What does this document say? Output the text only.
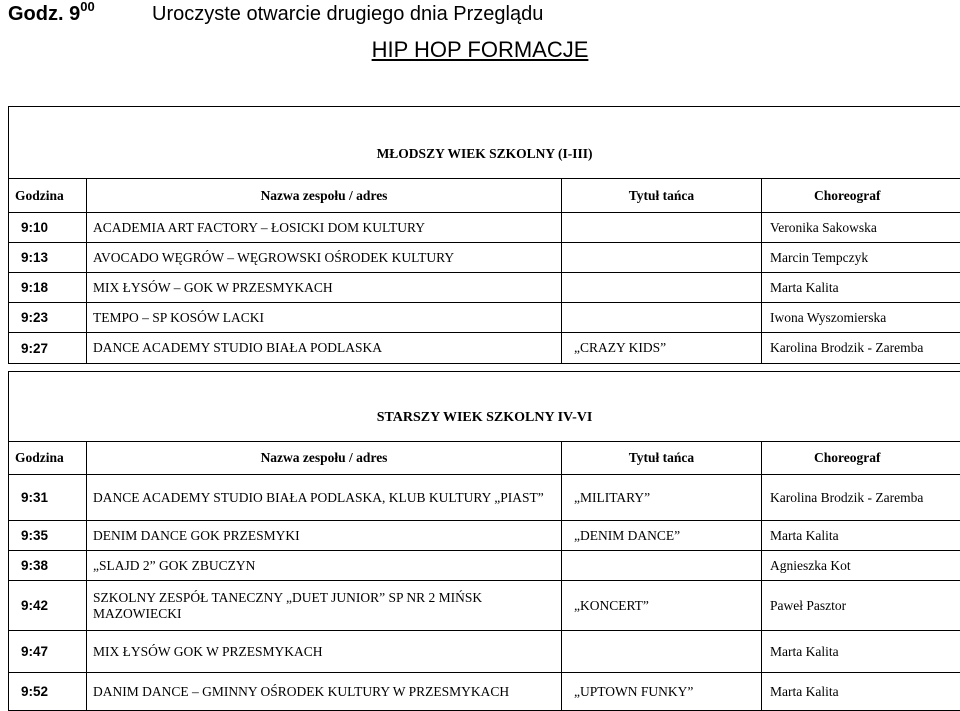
Godz. $9^{00}$	Uroczyste otwarcie drugiego dnia Przeglądu
HIP HOP FORMACJE
MŁODSZY WIEK SZKOLNY (I-III)			
Godzina	Nazwa zespołu / adres	Tytuł tańca	Choreograf
9:10	ACADEMIA ART FACTORY – ŁOSICKI DOM KULTURY		Veronika Sakowska
9:13	AVOCADO WĘGRÓW – WĘGROWSKI OŚRODEK KULTURY		Marcin Tempczyk
9:18	MIX ŁYSÓW – GOK W PRZESMYKACH		Marta Kalita
9:23	TEMPO – SP KOSÓW LACKI		Iwona Wyszomierska
9:27	DANCE ACADEMY STUDIO BIAŁA PODLASKA	„CRAZY KIDS”	Karolina Brodzik - Zaremba
STARSZY WIEK SZKOLNY IV-VI			
Godzina	Nazwa zespołu / adres	Tytuł tańca	Choreograf
9:31	DANCE ACADEMY STUDIO BIAŁA PODLASKA, KLUB KULTURY „PIAST”	„MILITARY”	Karolina Brodzik - Zaremba
9:35	DENIM DANCE GOK PRZESMYKI	„DENIM DANCE”	Marta Kalita
9:38	„SLAJD 2” GOK ZBUCZYN		Agnieszka Kot
9:42	SZKOLNY ZESPÓŁ TANECZNY „DUET JUNIOR” SP NR 2 MIŃSK MAZOWIECKI	„KONCERT”	Paweł Pasztor
9:47	MIX ŁYSÓW GOK W PRZESMYKACH		Marta Kalita
9:52	DANIM DANCE – GMINNY OŚRODEK KULTURY W PRZESMYKACH	„UPTOWN FUNKY”	Marta Kalita
